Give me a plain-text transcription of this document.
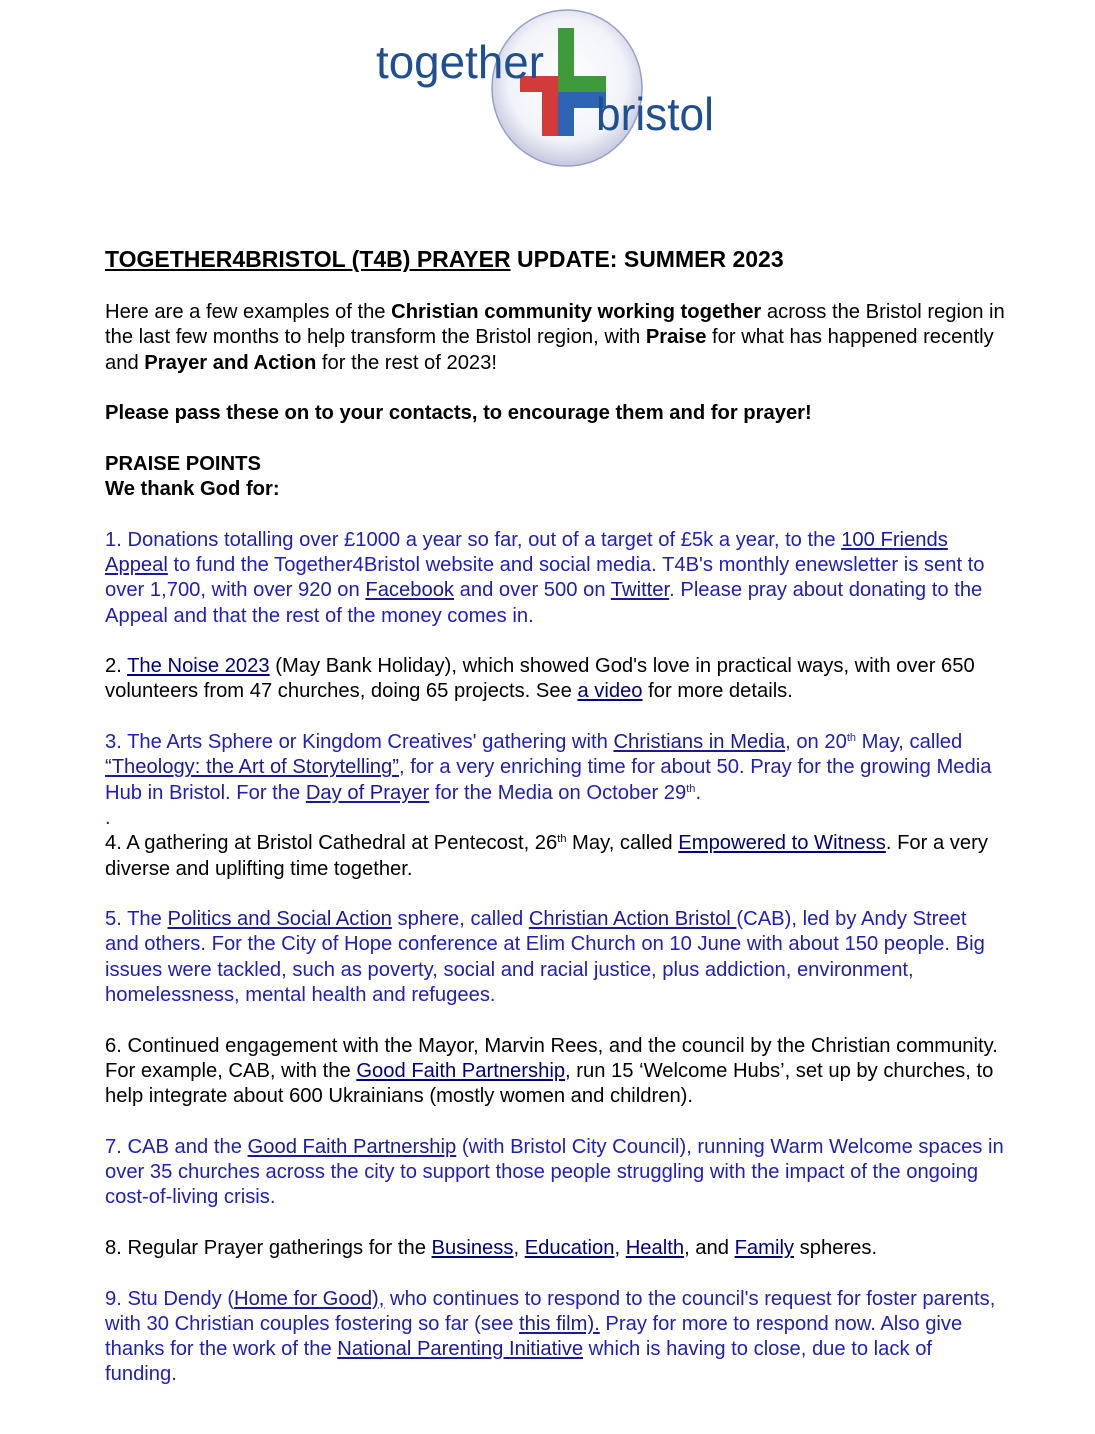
together
bristol
TOGETHER4BRISTOL (T4B) PRAYER UPDATE: SUMMER 2023

Here are a few examples of the Christian community working together across the Bristol region in the last few months to help transform the Bristol region, with Praise for what has happened recently and Prayer and Action for the rest of 2023!

Please pass these on to your contacts, to encourage them and for prayer!

PRAISE POINTS

We thank God for:

1. Donations totalling over £1000 a year so far, out of a target of £5k a year, to the 100 Friends Appeal to fund the Together4Bristol website and social media. T4B's monthly enewsletter is sent to over 1,700, with over 920 on Facebook and over 500 on Twitter. Please pray about donating to the Appeal and that the rest of the money comes in.

2. The Noise 2023 (May Bank Holiday), which showed God's love in practical ways, with over 650 volunteers from 47 churches, doing 65 projects. See a video for more details.

3. The Arts Sphere or Kingdom Creatives' gathering with Christians in Media, on 20th May, called “Theology: the Art of Storytelling”, for a very enriching time for about 50. Pray for the growing Media Hub in Bristol. For the Day of Prayer for the Media on October 29th.

.

4. A gathering at Bristol Cathedral at Pentecost, 26th May, called Empowered to Witness. For a very diverse and uplifting time together.

5. The Politics and Social Action sphere, called Christian Action Bristol (CAB), led by Andy Street and others. For the City of Hope conference at Elim Church on 10 June with about 150 people. Big issues were tackled, such as poverty, social and racial justice, plus addiction, environment, homelessness, mental health and refugees.

6. Continued engagement with the Mayor, Marvin Rees, and the council by the Christian community. For example, CAB, with the Good Faith Partnership, run 15 ‘Welcome Hubs’, set up by churches, to help integrate about 600 Ukrainians (mostly women and children).

7. CAB and the Good Faith Partnership (with Bristol City Council), running Warm Welcome spaces in over 35 churches across the city to support those people struggling with the impact of the ongoing cost-of-living crisis.

8. Regular Prayer gatherings for the Business, Education, Health, and Family spheres.

9. Stu Dendy (Home for Good), who continues to respond to the council's request for foster parents, with 30 Christian couples fostering so far (see this film). Pray for more to respond now. Also give thanks for the work of the National Parenting Initiative which is having to close, due to lack of funding.
